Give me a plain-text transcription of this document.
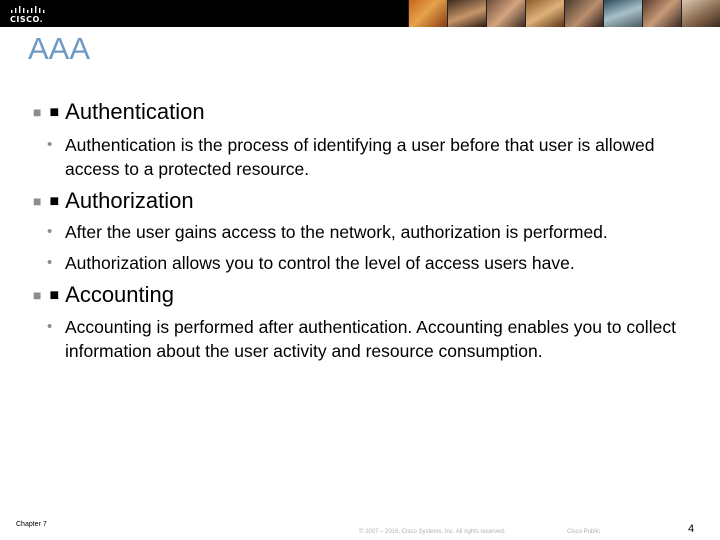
CISCO.
AAA
■ ■ Authentication
• Authentication is the process of identifying a user before that user is allowed access to a protected resource.
■ ■ Authorization
• After the user gains access to the network, authorization is performed.
• Authorization allows you to control the level of access users have.
■ ■ Accounting
• Accounting is performed after authentication. Accounting enables you to collect information about the user activity and resource consumption.
Chapter 7
© 2007 – 2016, Cisco Systems, Inc. All rights reserved.	Cisco Public	4
